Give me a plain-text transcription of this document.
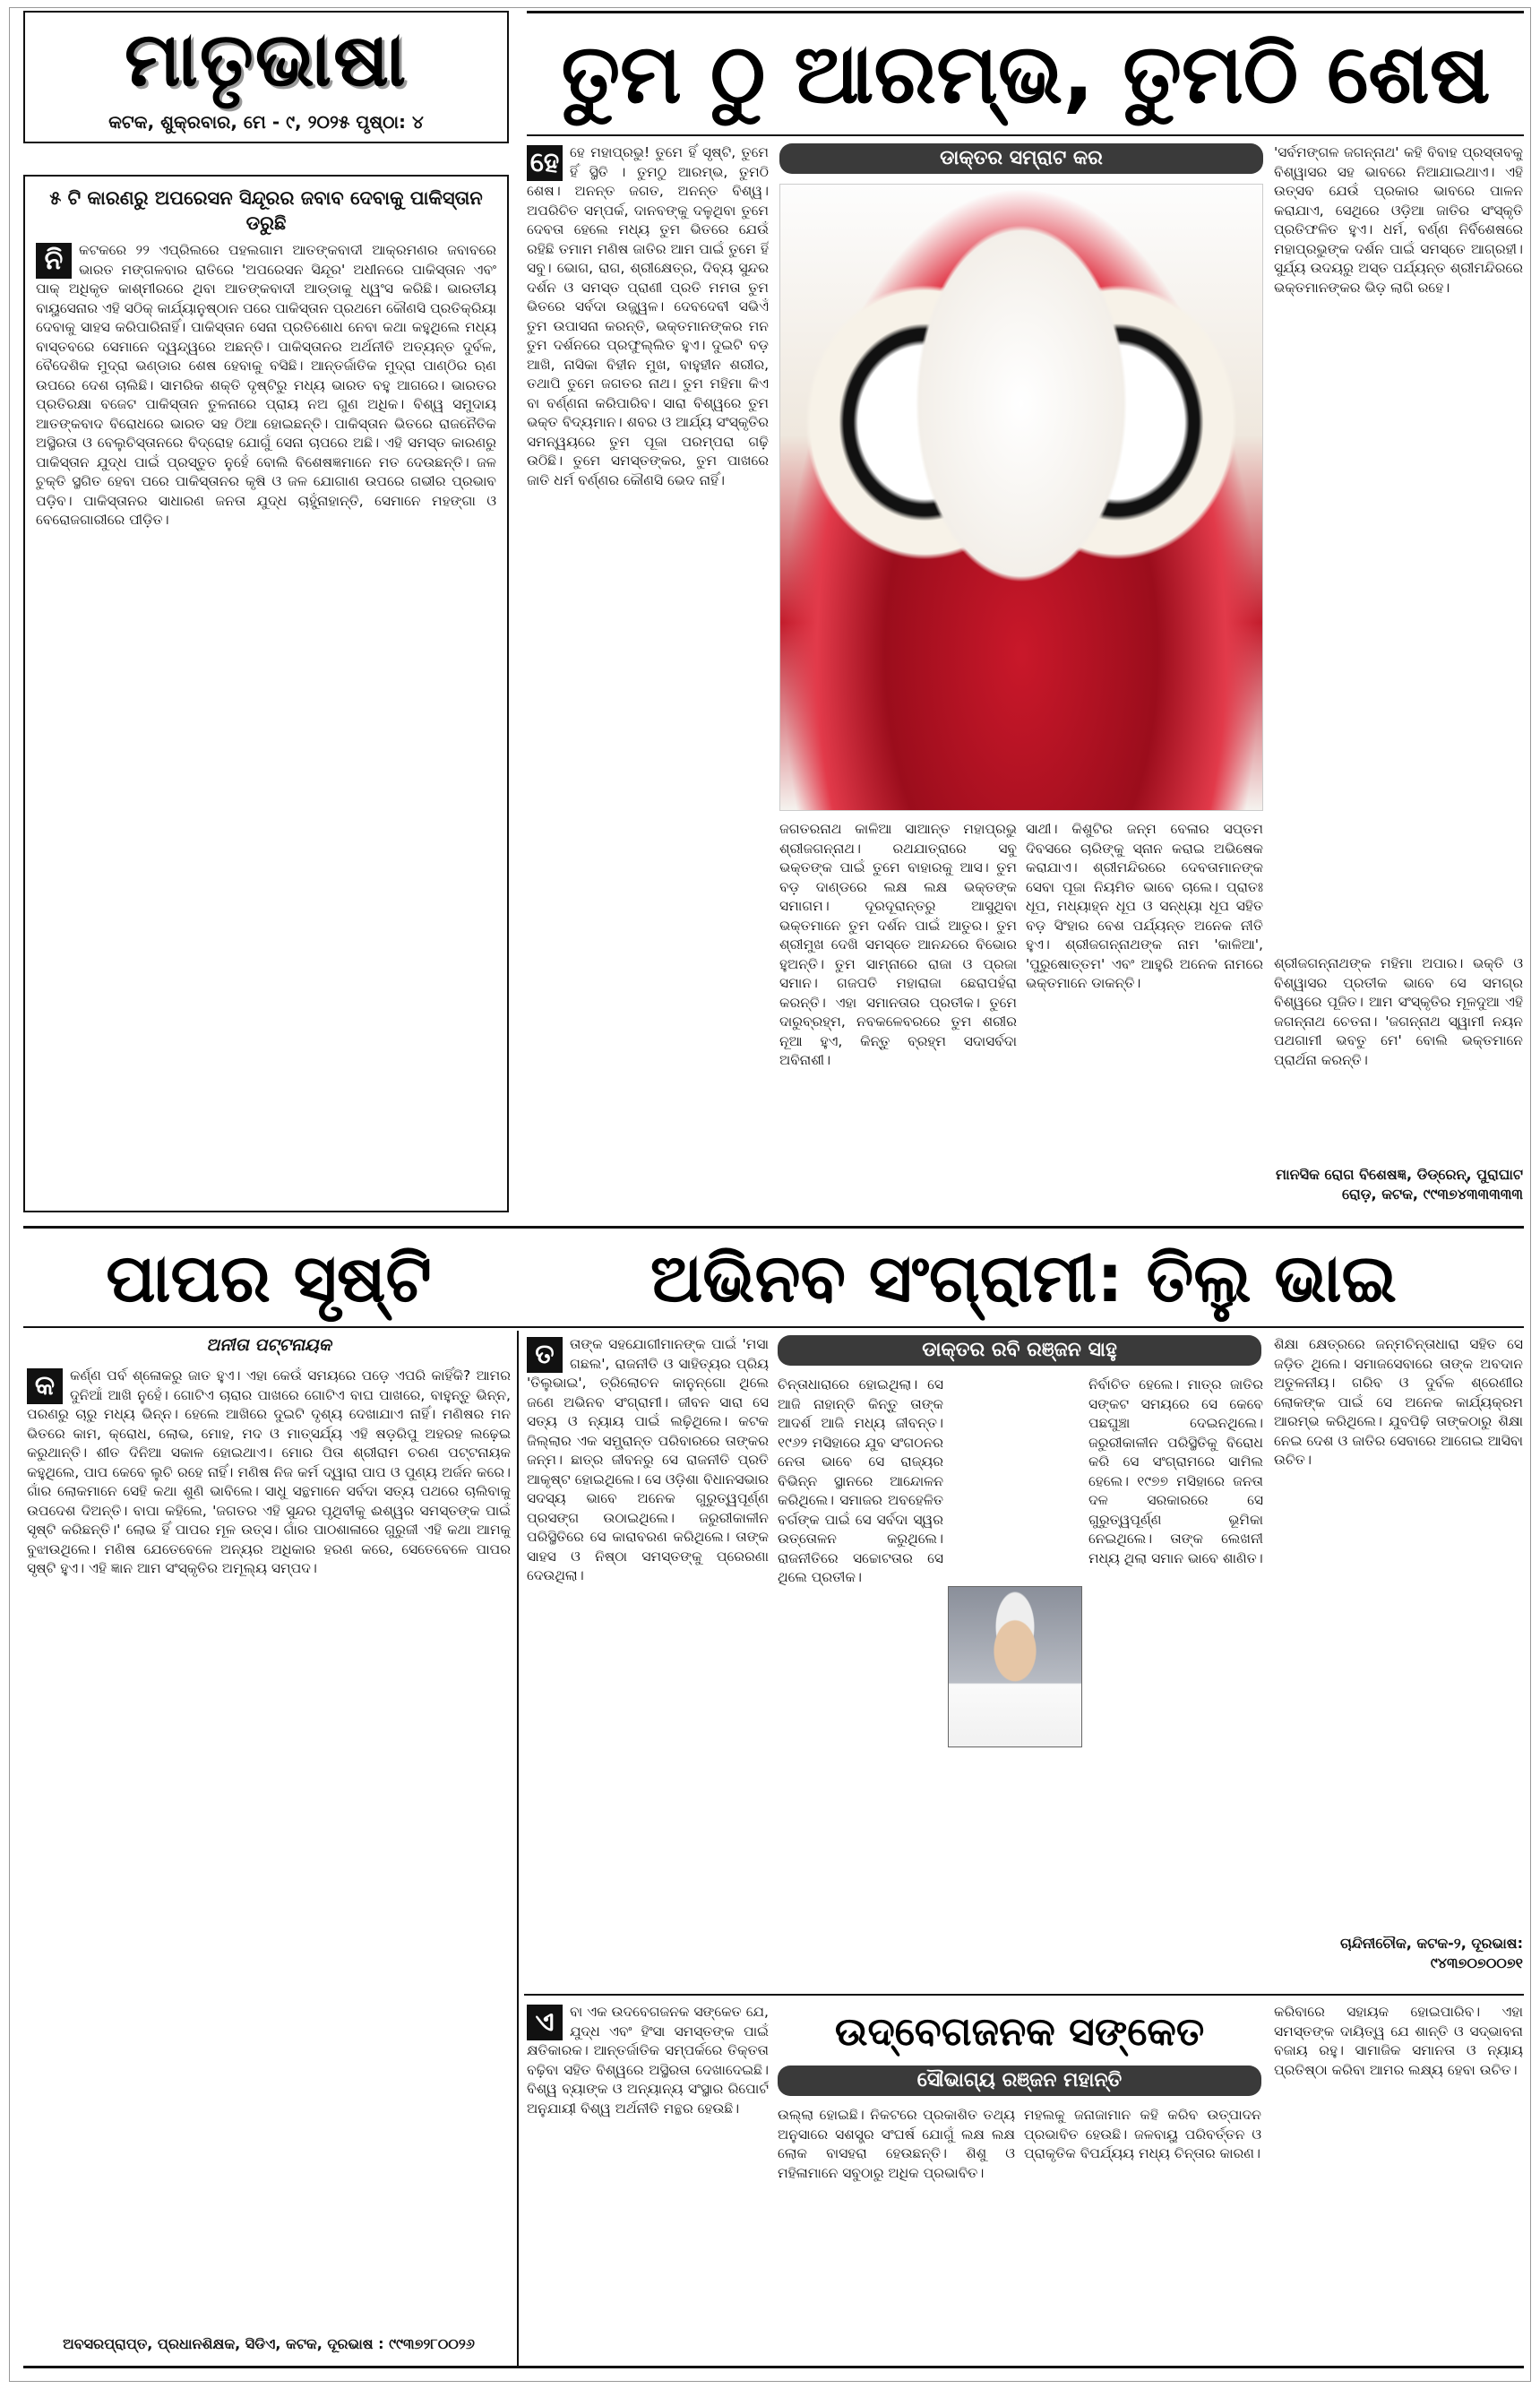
ମାତୃଭାଷା
କଟକ, ଶୁକ୍ରବାର, ମେ - ୯, ୨୦୨୫ ପୃଷ୍ଠା: ୪	ତୁମ ଠୁ ଆରମ୍ଭ, ତୁମଠି ଶେଷ
୫ ଟି କାରଣରୁ ଅପରେସନ ସିନ୍ଦୂରର ଜବାବ ଦେବାକୁ ପାକିସ୍ତାନ ଡରୁଛି
ନି	କଟକରେ ୨୨ ଏପ୍ରିଲରେ ପହଲଗାମ ଆତଙ୍କବାଦୀ ଆକ୍ରମଣର ଜବାବରେ ଭାରତ ମଙ୍ଗଳବାର ରାତିରେ 'ଅପରେସନ ସିନ୍ଦୂର' ଅଧୀନରେ ପାକିସ୍ତାନ ଏବଂ ପାକ୍ ଅଧିକୃତ କାଶ୍ମୀରରେ ଥିବା ଆତଙ୍କବାଦୀ ଆଡ୍ଡାକୁ ଧ୍ୱଂସ କରିଛି। ଭାରତୀୟ ବାୟୁସେନାର ଏହି ସଠିକ୍ କାର୍ଯ୍ୟାନୁଷ୍ଠାନ ପରେ ପାକିସ୍ତାନ ପ୍ରଥମେ କୌଣସି ପ୍ରତିକ୍ରିୟା ଦେବାକୁ ସାହସ କରିପାରିନାହିଁ। ପାକିସ୍ତାନ ସେନା ପ୍ରତିଶୋଧ ନେବା କଥା କହୁଥିଲେ ମଧ୍ୟ ବାସ୍ତବରେ ସେମାନେ ଦ୍ୱନ୍ଦ୍ୱରେ ଅଛନ୍ତି। ପାକିସ୍ତାନର ଅର୍ଥନୀତି ଅତ୍ୟନ୍ତ ଦୁର୍ବଳ, ବୈଦେଶିକ ମୁଦ୍ରା ଭଣ୍ଡାର ଶେଷ ହେବାକୁ ବସିଛି। ଆନ୍ତର୍ଜାତିକ ମୁଦ୍ରା ପାଣ୍ଠିର ଋଣ ଉପରେ ଦେଶ ଚାଲିଛି। ସାମରିକ ଶକ୍ତି ଦୃଷ୍ଟିରୁ ମଧ୍ୟ ଭାରତ ବହୁ ଆଗରେ। ଭାରତର ପ୍ରତିରକ୍ଷା ବଜେଟ ପାକିସ୍ତାନ ତୁଳନାରେ ପ୍ରାୟ ନଅ ଗୁଣ ଅଧିକ। ବିଶ୍ୱ ସମୁଦାୟ ଆତଙ୍କବାଦ ବିରୋଧରେ ଭାରତ ସହ ଠିଆ ହୋଇଛନ୍ତି। ପାକିସ୍ତାନ ଭିତରେ ରାଜନୈତିକ ଅସ୍ଥିରତା ଓ ବେଲୁଚିସ୍ତାନରେ ବିଦ୍ରୋହ ଯୋଗୁଁ ସେନା ଚାପରେ ଅଛି। ଏହି ସମସ୍ତ କାରଣରୁ ପାକିସ୍ତାନ ଯୁଦ୍ଧ ପାଇଁ ପ୍ରସ୍ତୁତ ନୁହେଁ ବୋଲି ବିଶେଷଜ୍ଞମାନେ ମତ ଦେଉଛନ୍ତି। ଜଳ ଚୁକ୍ତି ସ୍ଥଗିତ ହେବା ପରେ ପାକିସ୍ତାନର କୃଷି ଓ ଜଳ ଯୋଗାଣ ଉପରେ ଗଭୀର ପ୍ରଭାବ ପଡ଼ିବ। ପାକିସ୍ତାନର ସାଧାରଣ ଜନତା ଯୁଦ୍ଧ ଚାହୁଁନାହାନ୍ତି, ସେମାନେ ମହଙ୍ଗା ଓ ବେରୋଜଗାରୀରେ ପୀଡ଼ିତ।
ହେ ହେ ମହାପ୍ରଭୁ! ତୁମେ ହିଁ ସୃଷ୍ଟି, ତୁମେ ହିଁ ସ୍ଥିତି । ତୁମଠୁ ଆରମ୍ଭ, ତୁମଠି ଶେଷ। ଅନନ୍ତ ଜଗତ, ଅନନ୍ତ ବିଶ୍ୱ। ଅପରିଚିତ ସମ୍ପର୍କ, ଦାନବଙ୍କୁ ଦଳୁଥିବା ତୁମେ ଦେବତା ହେଲେ ମଧ୍ୟ ତୁମ ଭିତରେ ଯେଉଁ ରହିଛି ତମାମ ମଣିଷ ଜାତିର ଆମ ପାଇଁ ତୁମେ ହିଁ ସବୁ। ଭୋଗ, ରାଗ, ଶ୍ରୀକ୍ଷେତ୍ର, ଦିବ୍ୟ ସୁନ୍ଦର ଦର୍ଶନ ଓ ସମସ୍ତ ପ୍ରାଣୀ ପ୍ରତି ମମତା ତୁମ ଭିତରେ ସର୍ବଦା ଉଜ୍ଜ୍ୱଳ। ଦେବଦେବୀ ସଭିଏଁ ତୁମ ଉପାସନା କରନ୍ତି, ଭକ୍ତମାନଙ୍କର ମନ ତୁମ ଦର୍ଶନରେ ପ୍ରଫୁଲ୍ଲିତ ହୁଏ। ଦୁଇଟି ବଡ଼ ଆଖି, ନାସିକା ବିହୀନ ମୁଖ, ବାହୁହୀନ ଶରୀର, ତଥାପି ତୁମେ ଜଗତର ନାଥ। ତୁମ ମହିମା କିଏ ବା ବର୍ଣ୍ଣନା କରିପାରିବ। ସାରା ବିଶ୍ୱରେ ତୁମ ଭକ୍ତ ବିଦ୍ୟମାନ। ଶବର ଓ ଆର୍ଯ୍ୟ ସଂସ୍କୃତିର ସମନ୍ୱୟରେ ତୁମ ପୂଜା ପରମ୍ପରା ଗଢ଼ି ଉଠିଛି। ତୁମେ ସମସ୍ତଙ୍କର, ତୁମ ପାଖରେ ଜାତି ଧର୍ମ ବର୍ଣ୍ଣର କୌଣସି ଭେଦ ନାହିଁ।
ଡାକ୍ତର ସମ୍ରାଟ କର
ଜଗତରନାଥ କାଳିଆ ସାଆନ୍ତ ମହାପ୍ରଭୁ ଶ୍ରୀଜଗନ୍ନାଥ। ରଥଯାତ୍ରାରେ ସବୁ ଭକ୍ତଙ୍କ ପାଇଁ ତୁମେ ବାହାରକୁ ଆସ। ତୁମ ବଡ଼ ଦାଣ୍ଡରେ ଲକ୍ଷ ଲକ୍ଷ ଭକ୍ତଙ୍କ ସମାଗମ। ଦୂରଦୂରାନ୍ତରୁ ଆସୁଥିବା ଭକ୍ତମାନେ ତୁମ ଦର୍ଶନ ପାଇଁ ଆତୁର। ତୁମ ଶ୍ରୀମୁଖ ଦେଖି ସମସ୍ତେ ଆନନ୍ଦରେ ବିଭୋର ହୁଅନ୍ତି। ତୁମ ସାମ୍ନାରେ ରାଜା ଓ ପ୍ରଜା ସମାନ। ଗଜପତି ମହାରାଜା ଛେରାପହଁରା କରନ୍ତି। ଏହା ସମାନତାର ପ୍ରତୀକ। ତୁମେ ଦାରୁବ୍ରହ୍ମ, ନବକଳେବରରେ ତୁମ ଶରୀର ନୂଆ ହୁଏ, କିନ୍ତୁ ବ୍ରହ୍ମ ସଦାସର୍ବଦା ଅବିନାଶୀ।
ସାଥୀ। କିଶୁଟିର ଜନ୍ମ ବେଳାର ସପ୍ତମ ଦିବସରେ ଚାରିଙ୍କୁ ସ୍ନାନ କରାଇ ଅଭିଷେକ କରାଯାଏ। ଶ୍ରୀମନ୍ଦିରରେ ଦେବତାମାନଙ୍କ ସେବା ପୂଜା ନିୟମିତ ଭାବେ ଚାଲେ। ପ୍ରାତଃ ଧୂପ, ମଧ୍ୟାହ୍ନ ଧୂପ ଓ ସନ୍ଧ୍ୟା ଧୂପ ସହିତ ବଡ଼ ସିଂହାର ବେଶ ପର୍ଯ୍ୟନ୍ତ ଅନେକ ନୀତି ହୁଏ। ଶ୍ରୀଜଗନ୍ନାଥଙ୍କ ନାମ 'କାଳିଆ', 'ପୁରୁଷୋତ୍ତମ' ଏବଂ ଆହୁରି ଅନେକ ନାମରେ ଭକ୍ତମାନେ ଡାକନ୍ତି।
'ସର୍ବମଙ୍ଗଳ ଜଗନ୍ନାଥ' କହି ବିବାହ ପ୍ରସ୍ତାବକୁ ବିଶ୍ୱାସର ସହ ଭାବରେ ନିଆଯାଇଥାଏ। ଏହି ଉତ୍ସବ ଯେଉଁ ପ୍ରକାର ଭାବରେ ପାଳନ କରାଯାଏ, ସେଥିରେ ଓଡ଼ିଆ ଜାତିର ସଂସ୍କୃତି ପ୍ରତିଫଳିତ ହୁଏ। ଧର୍ମ, ବର୍ଣ୍ଣ ନିର୍ବିଶେଷରେ ମହାପ୍ରଭୁଙ୍କ ଦର୍ଶନ ପାଇଁ ସମସ୍ତେ ଆଗ୍ରହୀ। ସୁର୍ଯ୍ୟ ଉଦୟରୁ ଅସ୍ତ ପର୍ଯ୍ୟନ୍ତ ଶ୍ରୀମନ୍ଦିରରେ ଭକ୍ତମାନଙ୍କର ଭିଡ଼ ଲାଗି ରହେ।
ଶ୍ରୀଜଗନ୍ନାଥଙ୍କ ମହିମା ଅପାର। ଭକ୍ତି ଓ ବିଶ୍ୱାସର ପ୍ରତୀକ ଭାବେ ସେ ସମଗ୍ର ବିଶ୍ୱରେ ପୂଜିତ। ଆମ ସଂସ୍କୃତିର ମୂଳଦୁଆ ଏହି ଜଗନ୍ନାଥ ଚେତନା। 'ଜଗନ୍ନାଥ ସ୍ୱାମୀ ନୟନ ପଥଗାମୀ ଭବତୁ ମେ' ବୋଲି ଭକ୍ତମାନେ ପ୍ରାର୍ଥନା କରନ୍ତି।
ମାନସିକ ରୋଗ ବିଶେଷଜ୍ଞ, ଡିଡ୍ରେନ୍, ପୁରାଘାଟ ରୋଡ଼, କଟକ, ୯୯୩୭୪୩୩୩୩୩
ପାପର ସୃଷ୍ଟି	ଅଭିନବ ସଂଗ୍ରାମୀ: ତିଲୁ ଭାଇ
ଅନୀତା ପଟ୍ଟନାୟକ
କ	କର୍ଣ୍ଣ ପର୍ବ ଶ୍ଳୋକରୁ ଜାତ ହୁଏ। ଏହା କେଉଁ ସମୟରେ ପଡ଼େ ଏପରି କାହିଁକି? ଆମର ଦୁନିଆଁ ଆଖି ନୁହେଁ। ଗୋଟିଏ ଚାରାର ପାଖରେ ଗୋଟିଏ ବାଘ ପାଖରେ, ବାହୁନ୍ତୁ ଭିନ୍ନ, ପରଣରୁ ଚାରୁ ମଧ୍ୟ ଭିନ୍ନ। ହେଲେ ଆଖିରେ ଦୁଇଟି ଦୃଶ୍ୟ ଦେଖାଯାଏ ନାହିଁ। ମଣିଷର ମନ ଭିତରେ କାମ, କ୍ରୋଧ, ଲୋଭ, ମୋହ, ମଦ ଓ ମାତ୍ସର୍ଯ୍ୟ ଏହି ଷଡ଼ରିପୁ ଅହରହ ଲଢ଼େଇ କରୁଥାନ୍ତି। ଶୀତ ଦିନିଆ ସକାଳ ହୋଇଥାଏ। ମୋର ପିତା ଶ୍ରୀରାମ ଚରଣ ପଟ୍ଟନାୟକ କହୁଥିଲେ, ପାପ କେବେ ଲୁଚି ରହେ ନାହିଁ। ମଣିଷ ନିଜ କର୍ମ ଦ୍ୱାରା ପାପ ଓ ପୁଣ୍ୟ ଅର୍ଜନ କରେ। ଗାଁର ଲୋକମାନେ ସେହି କଥା ଶୁଣି ଭାବିଲେ। ସାଧୁ ସନ୍ଥମାନେ ସର୍ବଦା ସତ୍ୟ ପଥରେ ଚାଲିବାକୁ ଉପଦେଶ ଦିଅନ୍ତି। ବାପା କହିଲେ, 'ଜଗତର ଏହି ସୁନ୍ଦର ପୃଥିବୀକୁ ଈଶ୍ୱର ସମସ୍ତଙ୍କ ପାଇଁ ସୃଷ୍ଟି କରିଛନ୍ତି।' ଲୋଭ ହିଁ ପାପର ମୂଳ ଉତ୍ସ। ଗାଁର ପାଠଶାଳାରେ ଗୁରୁଜୀ ଏହି କଥା ଆମକୁ ବୁଝାଉଥିଲେ। ମଣିଷ ଯେତେବେଳେ ଅନ୍ୟର ଅଧିକାର ହରଣ କରେ, ସେତେବେଳେ ପାପର ସୃଷ୍ଟି ହୁଏ। ଏହି ଜ୍ଞାନ ଆମ ସଂସ୍କୃତିର ଅମୂଲ୍ୟ ସମ୍ପଦ।
ଅବସରପ୍ରାପ୍ତ, ପ୍ରଧାନଶିକ୍ଷକ, ସିଡିଏ, କଟକ, ଦୂରଭାଷ : ୯୯୩୭୨୮୦୦୨୬
ତ	ତାଙ୍କ ସହଯୋଗୀମାନଙ୍କ ପାଇଁ 'ମସା ଗଛଲ', ରାଜନୀତି ଓ ସାହିତ୍ୟର ପ୍ରିୟ 'ତିଲୁଭାଇ', ତ୍ରିଲୋଚନ କାନୁନ୍‌ଗୋ ଥିଲେ ଜଣେ ଅଭିନବ ସଂଗ୍ରାମୀ। ଜୀବନ ସାରା ସେ ସତ୍ୟ ଓ ନ୍ୟାୟ ପାଇଁ ଲଢ଼ିଥିଲେ। କଟକ ଜିଲ୍ଲାର ଏକ ସମ୍ଭ୍ରାନ୍ତ ପରିବାରରେ ତାଙ୍କର ଜନ୍ମ। ଛାତ୍ର ଜୀବନରୁ ସେ ରାଜନୀତି ପ୍ରତି ଆକୃଷ୍ଟ ହୋଇଥିଲେ। ସେ ଓଡ଼ିଶା ବିଧାନସଭାର ସଦସ୍ୟ ଭାବେ ଅନେକ ଗୁରୁତ୍ୱପୂର୍ଣ୍ଣ ପ୍ରସଙ୍ଗ ଉଠାଇଥିଲେ। ଜରୁରୀକାଳୀନ ପରିସ୍ଥିତିରେ ସେ କାରାବରଣ କରିଥିଲେ। ତାଙ୍କ ସାହସ ଓ ନିଷ୍ଠା ସମସ୍ତଙ୍କୁ ପ୍ରେରଣା ଦେଉଥିଲା।
ଡାକ୍ତର ରବି ରଞ୍ଜନ ସାହୁ
ଚିନ୍ତାଧାରାରେ ହୋଇଥିଲା। ସେ ଆଜି ନାହାନ୍ତି କିନ୍ତୁ ତାଙ୍କ ଆଦର୍ଶ ଆଜି ମଧ୍ୟ ଜୀବନ୍ତ। ୧୯୬୨ ମସିହାରେ ଯୁବ ସଂଗଠନର ନେତା ଭାବେ ସେ ରାଜ୍ୟର ବିଭିନ୍ନ ସ୍ଥାନରେ ଆନ୍ଦୋଳନ କରିଥିଲେ। ସମାଜର ଅବହେଳିତ ବର୍ଗଙ୍କ ପାଇଁ ସେ ସର୍ବଦା ସ୍ୱର ଉତ୍ତୋଳନ କରୁଥିଲେ। ରାଜନୀତିରେ ସଚ୍ଚୋଟତାର ସେ ଥିଲେ ପ୍ରତୀକ।
ନିର୍ବାଚିତ ହେଲେ। ମାତ୍ର ଜାତିର ସଙ୍କଟ ସମୟରେ ସେ କେବେ ପଛଘୁଞ୍ଚା ଦେଇନଥିଲେ। ଜରୁରୀକାଳୀନ ପରିସ୍ଥିତିକୁ ବିରୋଧ କରି ସେ ସଂଗ୍ରାମରେ ସାମିଲ ହେଲେ। ୧୯୭୭ ମସିହାରେ ଜନତା ଦଳ ସରକାରରେ ସେ ଗୁରୁତ୍ୱପୂର୍ଣ୍ଣ ଭୂମିକା ନେଇଥିଲେ। ତାଙ୍କ ଲେଖନୀ ମଧ୍ୟ ଥିଲା ସମାନ ଭାବେ ଶାଣିତ।
ଶିକ୍ଷା କ୍ଷେତ୍ରରେ ଜନ୍ମଚିନ୍ତାଧାରା ସହିତ ସେ ଜଡ଼ିତ ଥିଲେ। ସମାଜସେବାରେ ତାଙ୍କ ଅବଦାନ ଅତୁଳନୀୟ। ଗରିବ ଓ ଦୁର୍ବଳ ଶ୍ରେଣୀର ଲୋକଙ୍କ ପାଇଁ ସେ ଅନେକ କାର୍ଯ୍ୟକ୍ରମ ଆରମ୍ଭ କରିଥିଲେ। ଯୁବପିଢ଼ି ତାଙ୍କଠାରୁ ଶିକ୍ଷା ନେଇ ଦେଶ ଓ ଜାତିର ସେବାରେ ଆଗେଇ ଆସିବା ଉଚିତ।
ଚାନ୍ଦିନୀଚୌକ, କଟକ-୨, ଦୂରଭାଷ: ୯୪୩୭୦୭୦୦୭୧
ଏ	ବା ଏକ ଉଦବେଗଜନକ ସଙ୍କେତ ଯେ, ଯୁଦ୍ଧ ଏବଂ ହିଂସା ସମସ୍ତଙ୍କ ପାଇଁ କ୍ଷତିକାରକ। ଆନ୍ତର୍ଜାତିକ ସମ୍ପର୍କରେ ତିକ୍ତତା ବଢ଼ିବା ସହିତ ବିଶ୍ୱରେ ଅସ୍ଥିରତା ଦେଖାଦେଇଛି। ବିଶ୍ୱ ବ୍ୟାଙ୍କ ଓ ଅନ୍ୟାନ୍ୟ ସଂସ୍ଥାର ରିପୋର୍ଟ ଅନୁଯାୟୀ ବିଶ୍ୱ ଅର୍ଥନୀତି ମନ୍ଥର ହେଉଛି।
ଉଦ୍‌ବେଗଜନକ ସଙ୍କେତ
ସୌଭାଗ୍ୟ ରଞ୍ଜନ ମହାନ୍ତି
ଉଲ୍ଲା ହୋଇଛି। ନିକଟରେ ପ୍ରକାଶିତ ତଥ୍ୟ ଅନୁସାରେ ସଶସ୍ତ୍ର ସଂଘର୍ଷ ଯୋଗୁଁ ଲକ୍ଷ ଲକ୍ଷ ଲୋକ ବାସହରା ହେଉଛନ୍ତି। ଶିଶୁ ଓ ମହିଳାମାନେ ସବୁଠାରୁ ଅଧିକ ପ୍ରଭାବିତ।
ମହଲକୁ ଜନାଜାମାନ କହି କରିବ ଉତ୍ପାଦନ ପ୍ରଭାବିତ ହେଉଛି। ଜଳବାୟୁ ପରିବର୍ତ୍ତନ ଓ ପ୍ରାକୃତିକ ବିପର୍ଯ୍ୟୟ ମଧ୍ୟ ଚିନ୍ତାର କାରଣ।
କରିବାରେ ସହାୟକ ହୋଇପାରିବ। ଏହା ସମସ୍ତଙ୍କ ଦାୟିତ୍ୱ ଯେ ଶାନ୍ତି ଓ ସଦ୍‌ଭାବନା ବଜାୟ ରହୁ। ସାମାଜିକ ସମାନତା ଓ ନ୍ୟାୟ ପ୍ରତିଷ୍ଠା କରିବା ଆମର ଲକ୍ଷ୍ୟ ହେବା ଉଚିତ।
